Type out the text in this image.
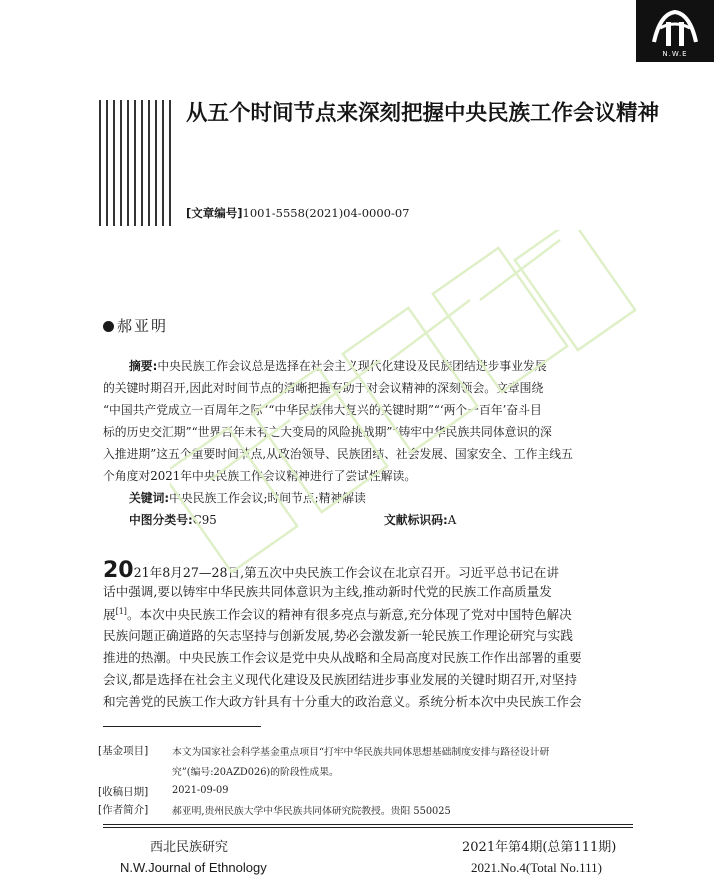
N.W.E
从五个时间节点来深刻把握中央民族工作会议精神
[文章编号]1001-5558(2021)04-0000-07
郝亚明
摘要:中央民族工作会议总是选择在社会主义现代化建设及民族团结进步事业发展
的关键时期召开,因此对时间节点的清晰把握有助于对会议精神的深刻领会。文章围绕
“中国共产党成立一百周年之际”“中华民族伟大复兴的关键时期”“‘两个一百年’奋斗目
标的历史交汇期”“世界百年未有之大变局的风险挑战期”“铸牢中华民族共同体意识的深
入推进期”这五个重要时间节点,从政治领导、民族团结、社会发展、国家安全、工作主线五
个角度对2021年中央民族工作会议精神进行了尝试性解读。
关键词:中央民族工作会议;时间节点;精神解读
中图分类号:C95	文献标识码:A
2021年8月27—28日,第五次中央民族工作会议在北京召开。习近平总书记在讲
话中强调,要以铸牢中华民族共同体意识为主线,推动新时代党的民族工作高质量发
展[1]。本次中央民族工作会议的精神有很多亮点与新意,充分体现了党对中国特色解决
民族问题正确道路的矢志坚持与创新发展,势必会激发新一轮民族工作理论研究与实践
推进的热潮。中央民族工作会议是党中央从战略和全局高度对民族工作作出部署的重要
会议,都是选择在社会主义现代化建设及民族团结进步事业发展的关键时期召开,对坚持
和完善党的民族工作大政方针具有十分重大的政治意义。系统分析本次中央民族工作会
[基金项目] 本文为国家社会科学基金重点项目“打牢中华民族共同体思想基础制度安排与路径设计研
究”(编号:20AZD026)的阶段性成果。
[收稿日期] 2021-09-09
[作者简介] 郝亚明,贵州民族大学中华民族共同体研究院教授。贵阳 550025
西北民族研究
N.W.Journal of Ethnology
2021年第4期(总第111期)
2021.No.4(Total No.111)
